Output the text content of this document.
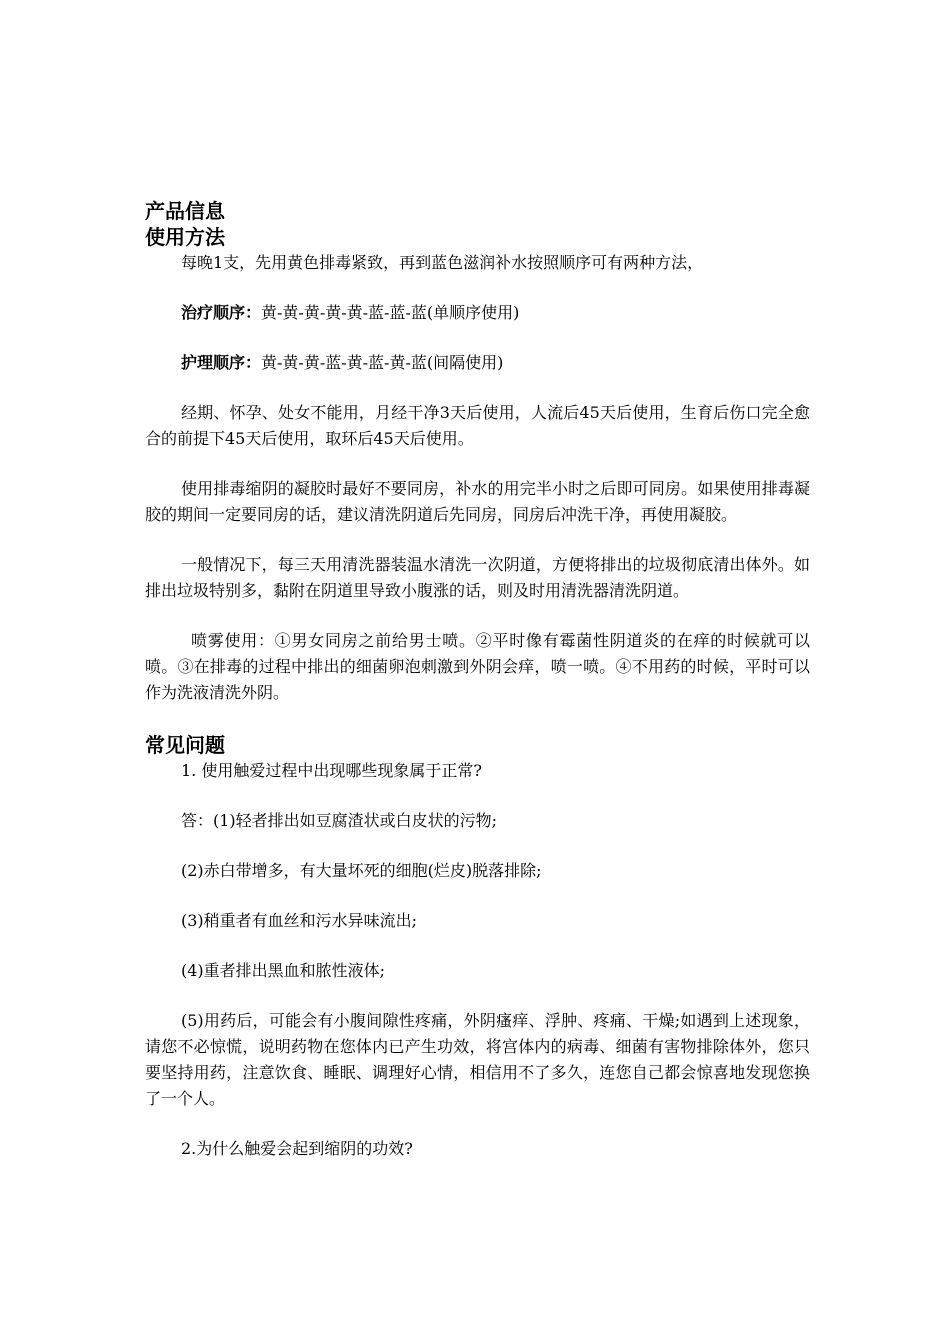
产品信息
使用方法

每晚1支，先用黄色排毒紧致，再到蓝色滋润补水按照顺序可有两种方法，

治疗顺序：黄-黄-黄-黄-黄-蓝-蓝-蓝(单顺序使用)

护理顺序：黄-黄-黄-蓝-黄-蓝-黄-蓝(间隔使用)

经期、怀孕、处女不能用，月经干净3天后使用，人流后45天后使用，生育后伤口完全愈合的前提下45天后使用，取环后45天后使用。

使用排毒缩阴的凝胶时最好不要同房，补水的用完半小时之后即可同房。如果使用排毒凝胶的期间一定要同房的话，建议清洗阴道后先同房，同房后冲洗干净，再使用凝胶。

一般情况下，每三天用清洗器装温水清洗一次阴道，方便将排出的垃圾彻底清出体外。如排出垃圾特别多，黏附在阴道里导致小腹涨的话，则及时用清洗器清洗阴道。

喷雾使用：①男女同房之前给男士喷。②平时像有霉菌性阴道炎的在痒的时候就可以喷。③在排毒的过程中排出的细菌卵泡刺激到外阴会痒，喷一喷。④不用药的时候，平时可以作为洗液清洗外阴。

常见问题

1. 使用触爱过程中出现哪些现象属于正常?

答：(1)轻者排出如豆腐渣状或白皮状的污物;

(2)赤白带增多，有大量坏死的细胞(烂皮)脱落排除;

(3)稍重者有血丝和污水异味流出;

(4)重者排出黑血和脓性液体;

(5)用药后，可能会有小腹间隙性疼痛，外阴瘙痒、浮肿、疼痛、干燥;如遇到上述现象，请您不必惊慌，说明药物在您体内已产生功效，将宫体内的病毒、细菌有害物排除体外，您只要坚持用药，注意饮食、睡眠、调理好心情，相信用不了多久，连您自己都会惊喜地发现您换了一个人。

2.为什么触爱会起到缩阴的功效?
